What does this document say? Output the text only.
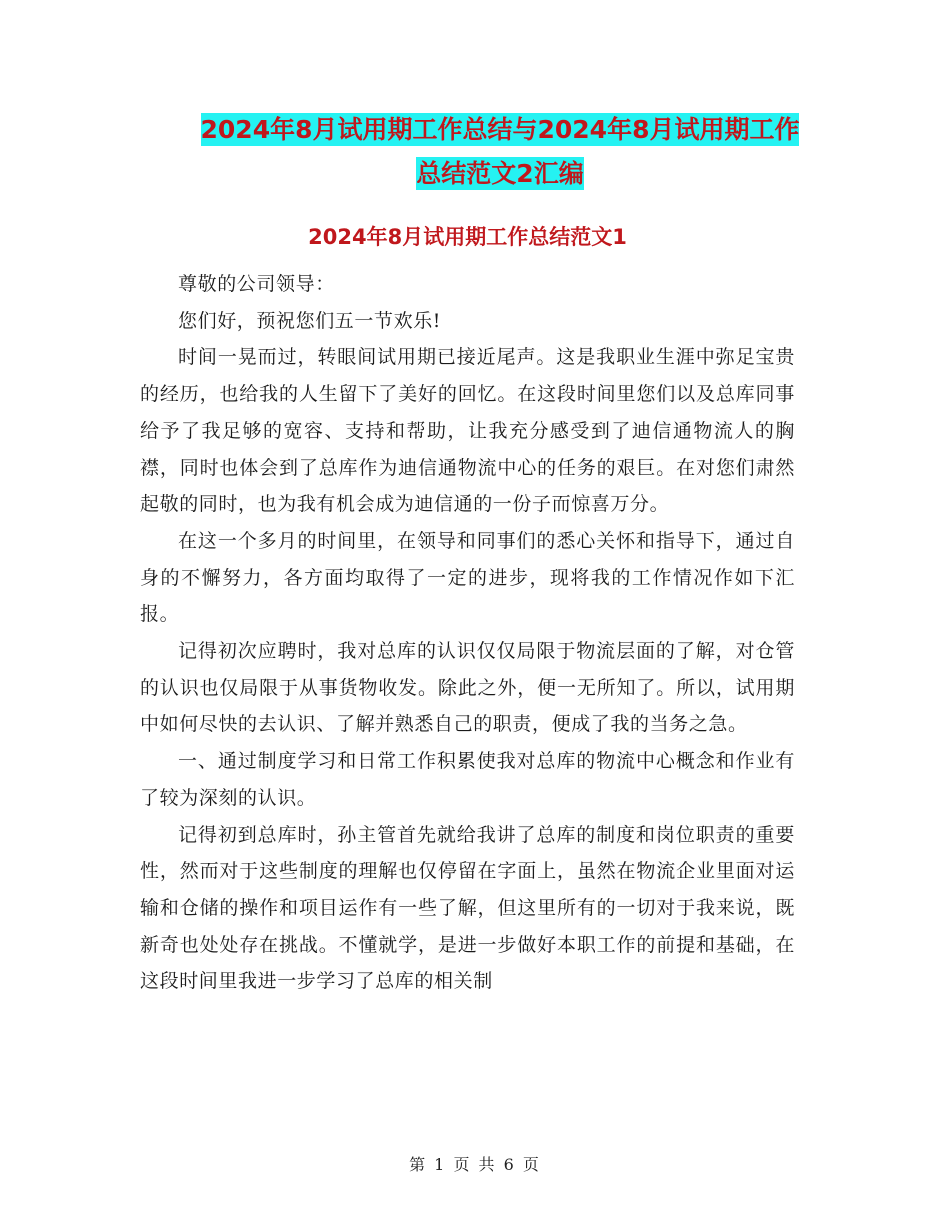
2024年8月试用期工作总结与2024年8月试用期工作
总结范文2汇编
2024年8月试用期工作总结范文1

尊敬的公司领导：

您们好，预祝您们五一节欢乐!

时间一晃而过，转眼间试用期已接近尾声。这是我职业生涯中弥足宝贵的经历，也给我的人生留下了美好的回忆。在这段时间里您们以及总库同事给予了我足够的宽容、支持和帮助，让我充分感受到了迪信通物流人的胸襟，同时也体会到了总库作为迪信通物流中心的任务的艰巨。在对您们肃然起敬的同时，也为我有机会成为迪信通的一份子而惊喜万分。

在这一个多月的时间里，在领导和同事们的悉心关怀和指导下，通过自身的不懈努力，各方面均取得了一定的进步，现将我的工作情况作如下汇报。

记得初次应聘时，我对总库的认识仅仅局限于物流层面的了解，对仓管的认识也仅局限于从事货物收发。除此之外，便一无所知了。所以，试用期中如何尽快的去认识、了解并熟悉自己的职责，便成了我的当务之急。

一、通过制度学习和日常工作积累使我对总库的物流中心概念和作业有了较为深刻的认识。

记得初到总库时，孙主管首先就给我讲了总库的制度和岗位职责的重要性，然而对于这些制度的理解也仅停留在字面上，虽然在物流企业里面对运输和仓储的操作和项目运作有一些了解，但这里所有的一切对于我来说，既新奇也处处存在挑战。不懂就学，是进一步做好本职工作的前提和基础，在这段时间里我进一步学习了总库的相关制

第 1 页 共 6 页
